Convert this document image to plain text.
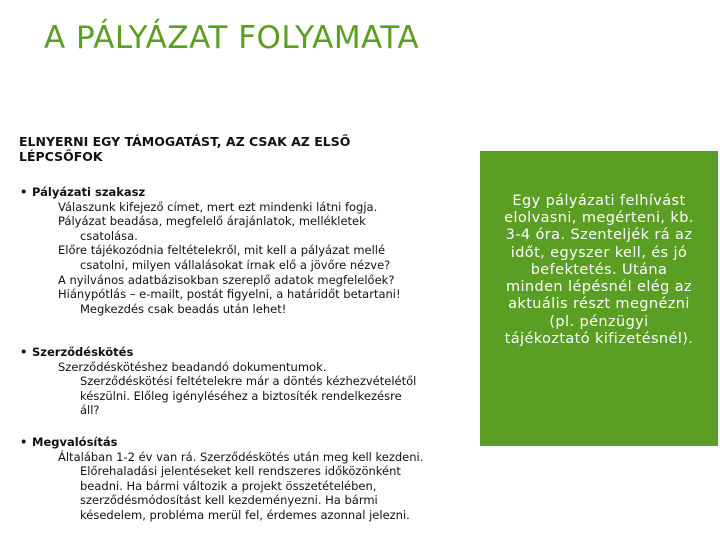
A PÁLYÁZAT FOLYAMATA
ELNYERNI EGY TÁMOGATÁST, AZ CSAK AZ ELSŐ LÉPCSŐFOK
• Pályázati szakasz
Válaszunk kifejező címet, mert ezt mindenki látni fogja.
Pályázat beadása, megfelelő árajánlatok, mellékletek
csatolása.
Előre tájékozódnia feltételekről, mit kell a pályázat mellé
csatolni, milyen vállalásokat írnak elő a jövőre nézve?
A nyilvános adatbázisokban szereplő adatok megfelelőek?
Hiánypótlás – e-mailt, postát figyelni, a határidőt betartani!
Megkezdés csak beadás után lehet!
• Szerződéskötés
Szerződéskötéshez beadandó dokumentumok.
Szerződéskötési feltételekre már a döntés kézhezvételétől
készülni. Előleg igényléséhez a biztosíték rendelkezésre
áll?
• Megvalósítás
Általában 1-2 év van rá. Szerződéskötés után meg kell kezdeni.
Előrehaladási jelentéseket kell rendszeres időközönként
beadni. Ha bármi változik a projekt összetételében,
szerződésmódosítást kell kezdeményezni. Ha bármi
késedelem, probléma merül fel, érdemes azonnal jelezni.
Egy pályázati felhívást
elolvasni, megérteni, kb.
3-4 óra. Szenteljék rá az
időt, egyszer kell, és jó
befektetés. Utána
minden lépésnél elég az
aktuális részt megnézni
(pl. pénzügyi
tájékoztató kifizetésnél).
